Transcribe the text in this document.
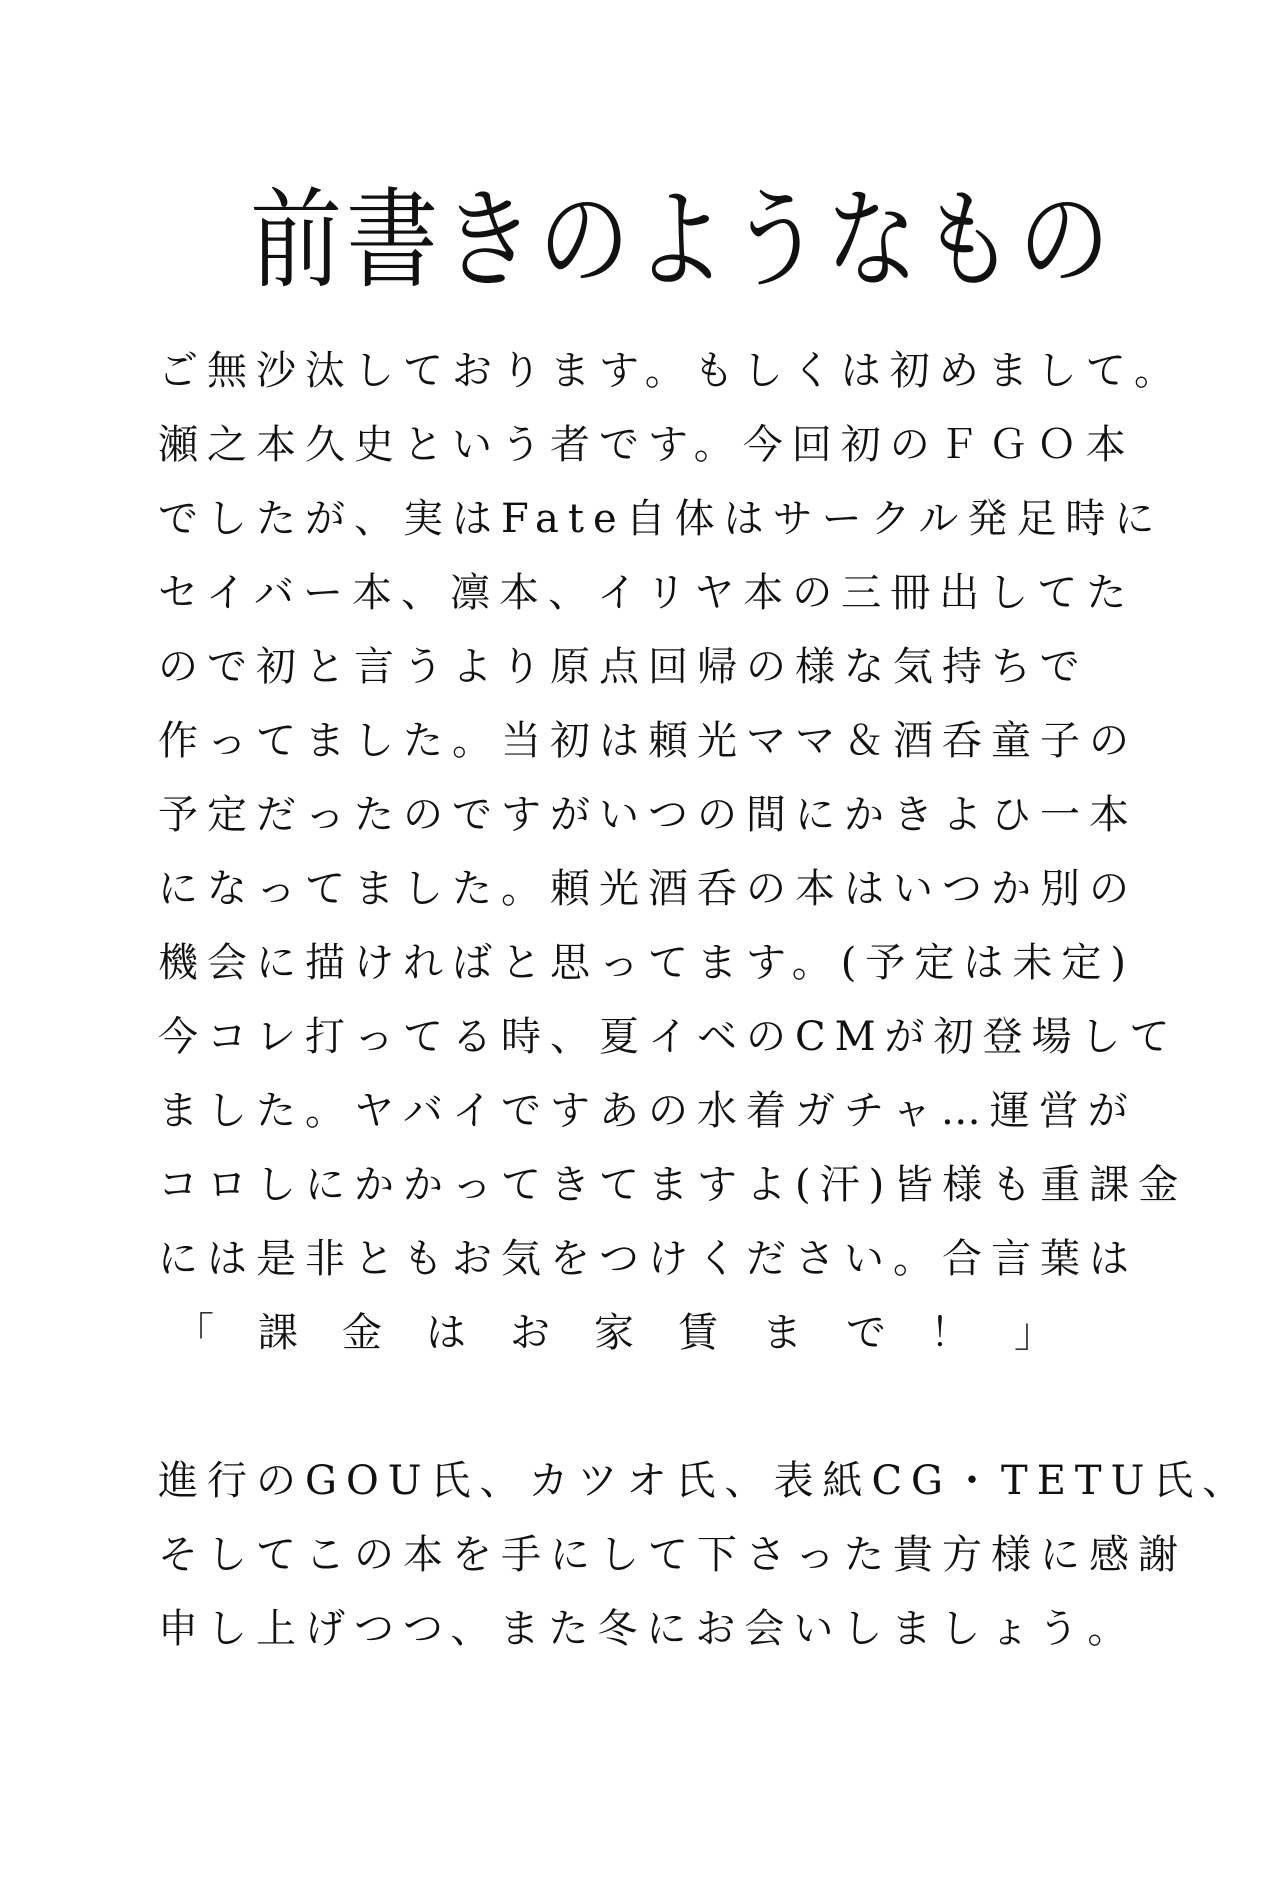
前書きのようなもの
ご無沙汰しております。もしくは初めまして。
瀬之本久史という者です。今回初のＦＧＯ本
でしたが、実はFate自体はサークル発足時に
セイバー本、凛本、イリヤ本の三冊出してた
ので初と言うより原点回帰の様な気持ちで
作ってました。当初は頼光ママ＆酒呑童子の
予定だったのですがいつの間にかきよひ一本
になってました。頼光酒呑の本はいつか別の
機会に描ければと思ってます。(予定は未定)
今コレ打ってる時、夏イベのCMが初登場して
ました。ヤバイですあの水着ガチャ…運営が
コロしにかかってきてますよ(汗)皆様も重課金
には是非ともお気をつけください。合言葉は
「課金はお家賃まで！」
進行のGOU氏、カツオ氏、表紙CG・TETU氏、
そしてこの本を手にして下さった貴方様に感謝
申し上げつつ、また冬にお会いしましょう。
